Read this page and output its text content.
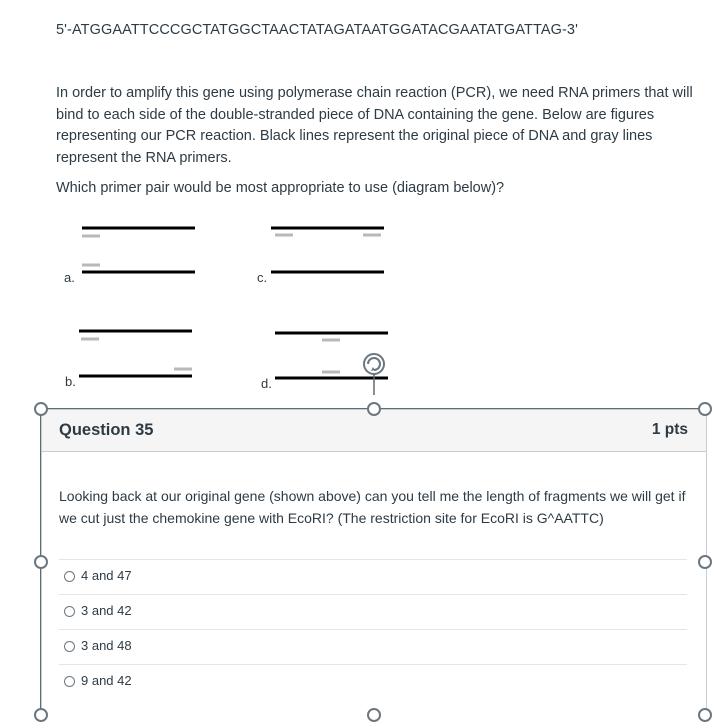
5'-ATGGAATTCCCGCTATGGCTAACTATAGATAATGGATACGAATATGATTAG-3'

In order to amplify this gene using polymerase chain reaction (PCR), we need RNA primers that will bind to each side of the double-stranded piece of DNA containing the gene. Below are figures representing our PCR reaction. Black lines represent the original piece of DNA and gray lines represent the RNA primers.

Which primer pair would be most appropriate to use (diagram below)?

a.	c.
b.	d.
Question 35	1 pts

Looking back at our original gene (shown above) can you tell me the length of fragments we will get if we cut just the chemokine gene with EcoRI? (The restriction site for EcoRI is G^AATTC)

4 and 47
3 and 42
3 and 48
9 and 42
